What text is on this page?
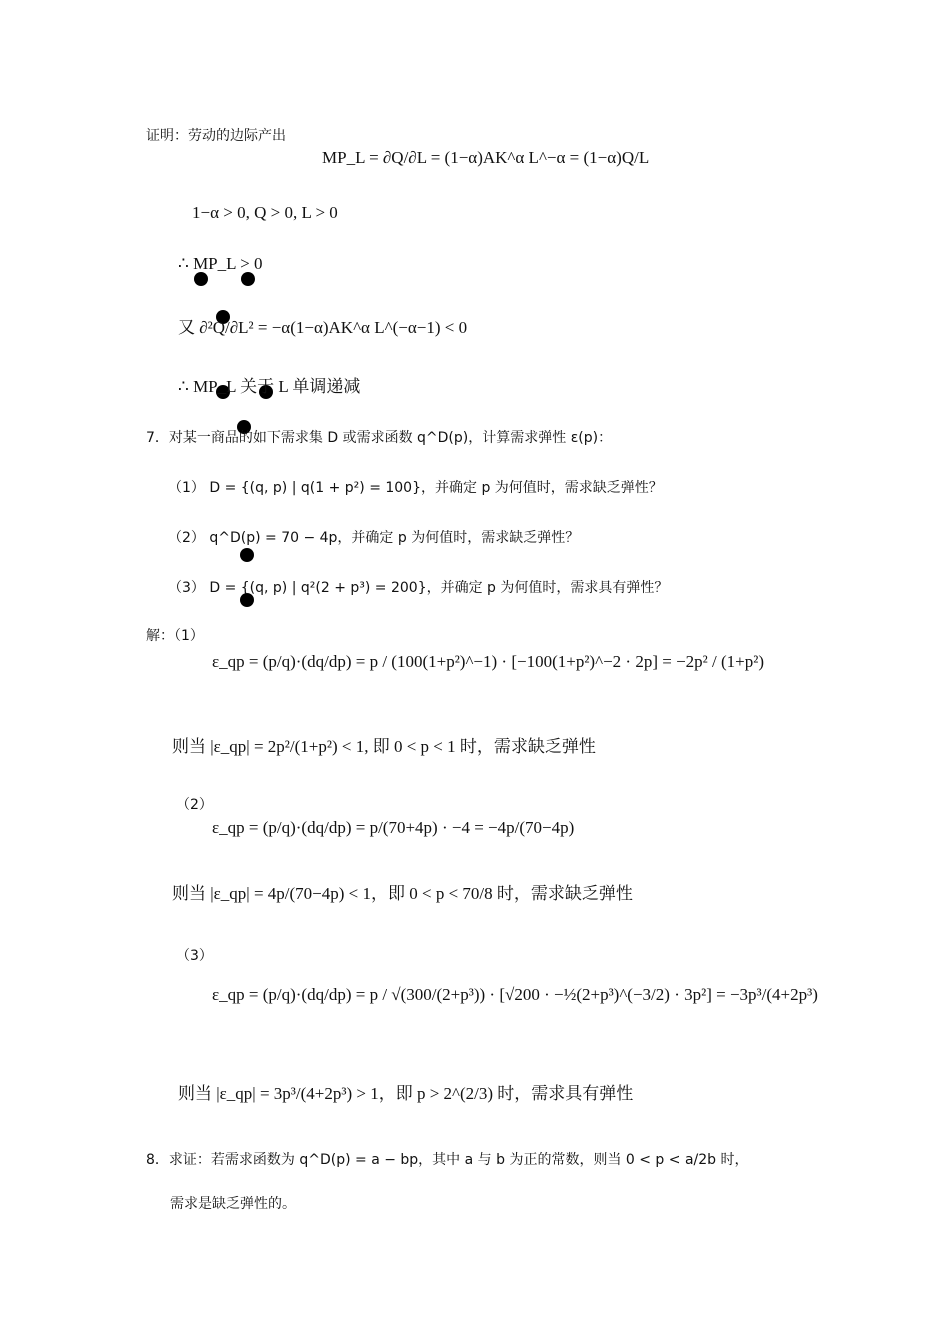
证明：劳动的边际产出
MP_L = ∂Q/∂L = (1−α)AK^α L^−α = (1−α)Q/L
1−α > 0, Q > 0, L > 0
∴ MP_L > 0
又 ∂²Q/∂L² = −α(1−α)AK^α L^(−α−1) < 0
∴ MP_L 关于 L 单调递减
7．对某一商品的如下需求集 D 或需求函数 q^D(p)，计算需求弹性 ε(p)：
（1） D = {(q, p) | q(1 + p²) = 100}，并确定 p 为何值时，需求缺乏弹性？
（2） q^D(p) = 70 − 4p，并确定 p 为何值时，需求缺乏弹性？
（3） D = {(q, p) | q²(2 + p³) = 200}，并确定 p 为何值时，需求具有弹性？
解：（1）
ε_qp = (p/q)·(dq/dp) = p / (100(1+p²)^−1) · [−100(1+p²)^−2 · 2p] = −2p² / (1+p²)
则当 |ε_qp| = 2p²/(1+p²) < 1, 即 0 < p < 1 时，需求缺乏弹性
（2）
ε_qp = (p/q)·(dq/dp) = p/(70+4p) · −4 = −4p/(70−4p)
则当 |ε_qp| = 4p/(70−4p) < 1，即 0 < p < 70/8 时，需求缺乏弹性
（3）
ε_qp = (p/q)·(dq/dp) = p / √(300/(2+p³)) · [√200 · −½(2+p³)^(−3/2) · 3p²] = −3p³/(4+2p³)
则当 |ε_qp| = 3p³/(4+2p³) > 1，即 p > 2^(2/3) 时，需求具有弹性
8．求证：若需求函数为 q^D(p) = a − bp，其中 a 与 b 为正的常数，则当 0 < p < a/2b 时，
需求是缺乏弹性的。
